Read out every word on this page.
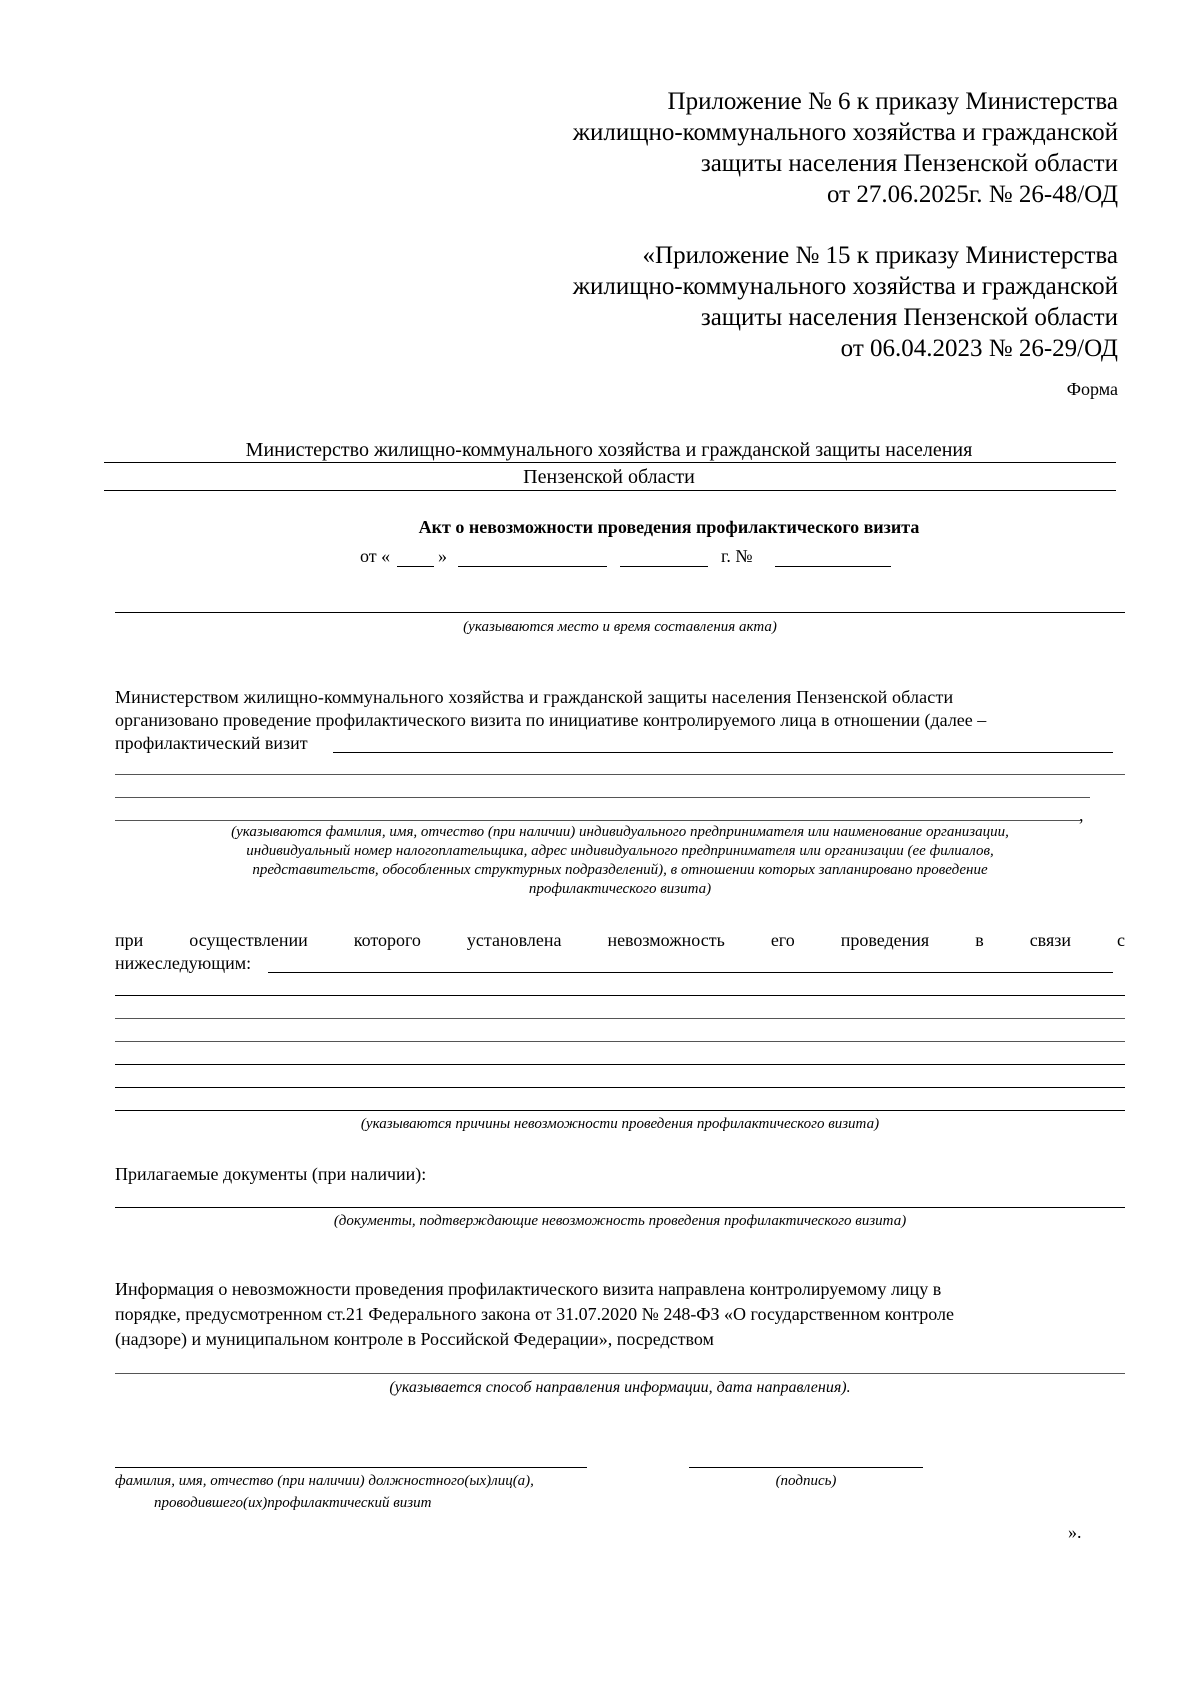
Приложение № 6 к приказу Министерства
жилищно-коммунального хозяйства и гражданской
защиты населения Пензенской области
от 27.06.2025г. № 26-48/ОД
«Приложение № 15 к приказу Министерства
жилищно-коммунального хозяйства и гражданской
защиты населения Пензенской области
от 06.04.2023 № 26-29/ОД
Форма
Министерство жилищно-коммунального хозяйства и гражданской защиты населения
Пензенской области
Акт о невозможности проведения профилактического визита
от «	»	г. №
(указываются место и время составления акта)
Министерством жилищно-коммунального хозяйства и гражданской защиты населения Пензенской области
организовано проведение профилактического визита по инициативе контролируемого лица в отношении (далее –
профилактический визит
,
(указываются фамилия, имя, отчество (при наличии) индивидуального предпринимателя или наименование организации,
индивидуальный номер налогоплательщика, адрес индивидуального предпринимателя или организации (ее филиалов,
представительств, обособленных структурных подразделений), в отношении которых запланировано проведение
профилактического визита)
при	осуществлении	которого	установлена	невозможность	его	проведения	в	связи	с
нижеследующим:
(указываются причины невозможности проведения профилактического визита)
Прилагаемые документы (при наличии):
(документы, подтверждающие невозможность проведения профилактического визита)
Информация о невозможности проведения профилактического визита направлена контролируемому лицу в
порядке, предусмотренном ст.21 Федерального закона от 31.07.2020 № 248-ФЗ «О государственном контроле
(надзоре) и муниципальном контроле в Российской Федерации», посредством
(указывается способ направления информации, дата направления).
фамилия, имя, отчество (при наличии) должностного(ых)лиц(а),
проводившего(их)профилактический визит
(подпись)
».
